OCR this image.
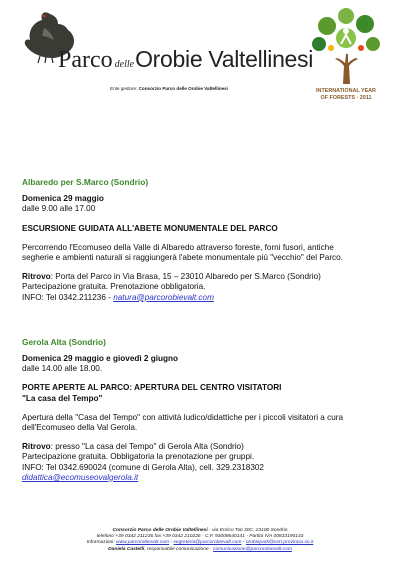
Parco delleOrobie Valtellinesi
Ente gestore: Consorzio Parco delle Orobie Valtellinesi	INTERNATIONAL YEAR
OF FORESTS · 2011
Albaredo per S.Marco (Sondrio)
Domenica 29 maggio
dalle 9.00 alle 17.00
ESCURSIONE GUIDATA ALL'ABETE MONUMENTALE DEL PARCO
Percorrendo l'Ecomuseo della Valle di Albaredo attraverso foreste, forni fusori, antiche
segherie e ambienti naturali si raggiungerà l'abete monumentale più "vecchio" del Parco.
Ritrovo: Porta del Parco in Via Brasa, 15 – 23010 Albaredo per S.Marco (Sondrio)
Partecipazione gratuita. Prenotazione obbligatoria.
INFO: Tel 0342.211236 - natura@parcorobievalt.com
Gerola Alta (Sondrio)
Domenica 29 maggio e giovedì 2 giugno
dalle 14.00 alle 18.00.
PORTE APERTE AL PARCO: APERTURA DEL CENTRO VISITATORI
"La casa del Tempo"
Apertura della "Casa del Tempo" con attività ludico/didattiche per i piccoli visitatori a cura
dell'Ecomuseo della Val Gerola.
Ritrovo: presso "La casa del Tempo" di Gerola Alta (Sondrio)
Partecipazione gratuita. Obbligatoria la prenotazione per gruppi.
INFO: Tel 0342.690024 (comune di Gerola Alta), cell. 329.2318302
didattica@ecomuseovalgerola.it
Consorzio Parco delle Orobie Valtellinesi - via Enrico Toti 30C, 23100 Sondrio
telefono +39 0342 211236 fax +39 0342 210226 - C.F. 93008640141 - Partita IVA 00833190143
Informazioni: www.parcorobievalt.com - segreteria@parcorobievalt.com - orobiepark@cert.provincia.so.it
Daniela Castelli, responsabile comunicazione - comunicazione@parcorobievalt.com
